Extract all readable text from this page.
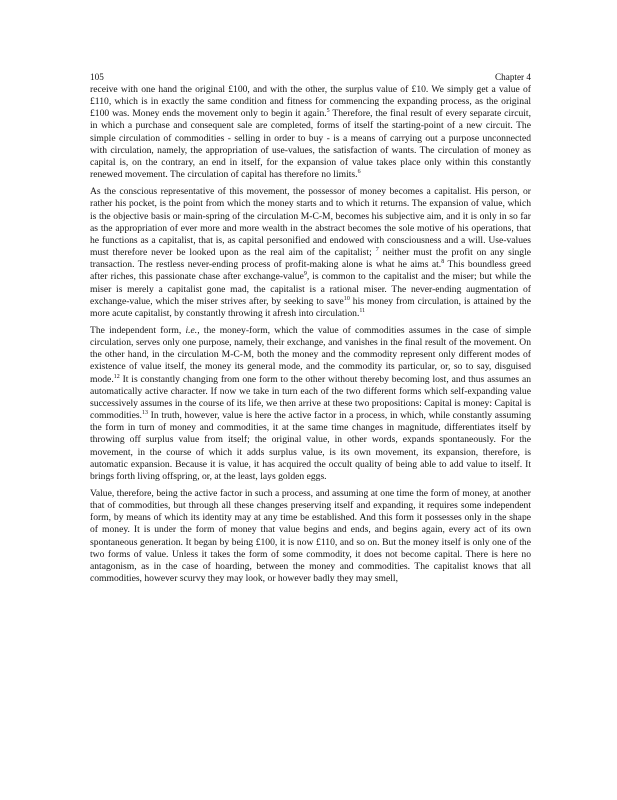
105	Chapter 4

receive with one hand the original £100, and with the other, the surplus value of £10. We simply get a value of £110, which is in exactly the same condition and fitness for commencing the expanding process, as the original £100 was. Money ends the movement only to begin it again.$^5$ Therefore, the final result of every separate circuit, in which a purchase and consequent sale are completed, forms of itself the starting-point of a new circuit. The simple circulation of commodities - selling in order to buy - is a means of carrying out a purpose unconnected with circulation, namely, the appropriation of use-values, the satisfaction of wants. The circulation of money as capital is, on the contrary, an end in itself, for the expansion of value takes place only within this constantly renewed movement. The circulation of capital has therefore no limits.$^6$

As the conscious representative of this movement, the possessor of money becomes a capitalist. His person, or rather his pocket, is the point from which the money starts and to which it returns. The expansion of value, which is the objective basis or main-spring of the circulation M-C-M, becomes his subjective aim, and it is only in so far as the appropriation of ever more and more wealth in the abstract becomes the sole motive of his operations, that he functions as a capitalist, that is, as capital personified and endowed with consciousness and a will. Use-values must therefore never be looked upon as the real aim of the capitalist; $^7$ neither must the profit on any single transaction. The restless never-ending process of profit-making alone is what he aims at.$^8$ This boundless greed after riches, this passionate chase after exchange-value$^9$, is common to the capitalist and the miser; but while the miser is merely a capitalist gone mad, the capitalist is a rational miser. The never-ending augmentation of exchange-value, which the miser strives after, by seeking to save$^{10}$ his money from circulation, is attained by the more acute capitalist, by constantly throwing it afresh into circulation.$^{11}$

The independent form, i.e., the money-form, which the value of commodities assumes in the case of simple circulation, serves only one purpose, namely, their exchange, and vanishes in the final result of the movement. On the other hand, in the circulation M-C-M, both the money and the commodity represent only different modes of existence of value itself, the money its general mode, and the commodity its particular, or, so to say, disguised mode.$^{12}$ It is constantly changing from one form to the other without thereby becoming lost, and thus assumes an automatically active character. If now we take in turn each of the two different forms which self-expanding value successively assumes in the course of its life, we then arrive at these two propositions: Capital is money: Capital is commodities.$^{13}$ In truth, however, value is here the active factor in a process, in which, while constantly assuming the form in turn of money and commodities, it at the same time changes in magnitude, differentiates itself by throwing off surplus value from itself; the original value, in other words, expands spontaneously. For the movement, in the course of which it adds surplus value, is its own movement, its expansion, therefore, is automatic expansion. Because it is value, it has acquired the occult quality of being able to add value to itself. It brings forth living offspring, or, at the least, lays golden eggs.

Value, therefore, being the active factor in such a process, and assuming at one time the form of money, at another that of commodities, but through all these changes preserving itself and expanding, it requires some independent form, by means of which its identity may at any time be established. And this form it possesses only in the shape of money. It is under the form of money that value begins and ends, and begins again, every act of its own spontaneous generation. It began by being £100, it is now £110, and so on. But the money itself is only one of the two forms of value. Unless it takes the form of some commodity, it does not become capital. There is here no antagonism, as in the case of hoarding, between the money and commodities. The capitalist knows that all commodities, however scurvy they may look, or however badly they may smell,
